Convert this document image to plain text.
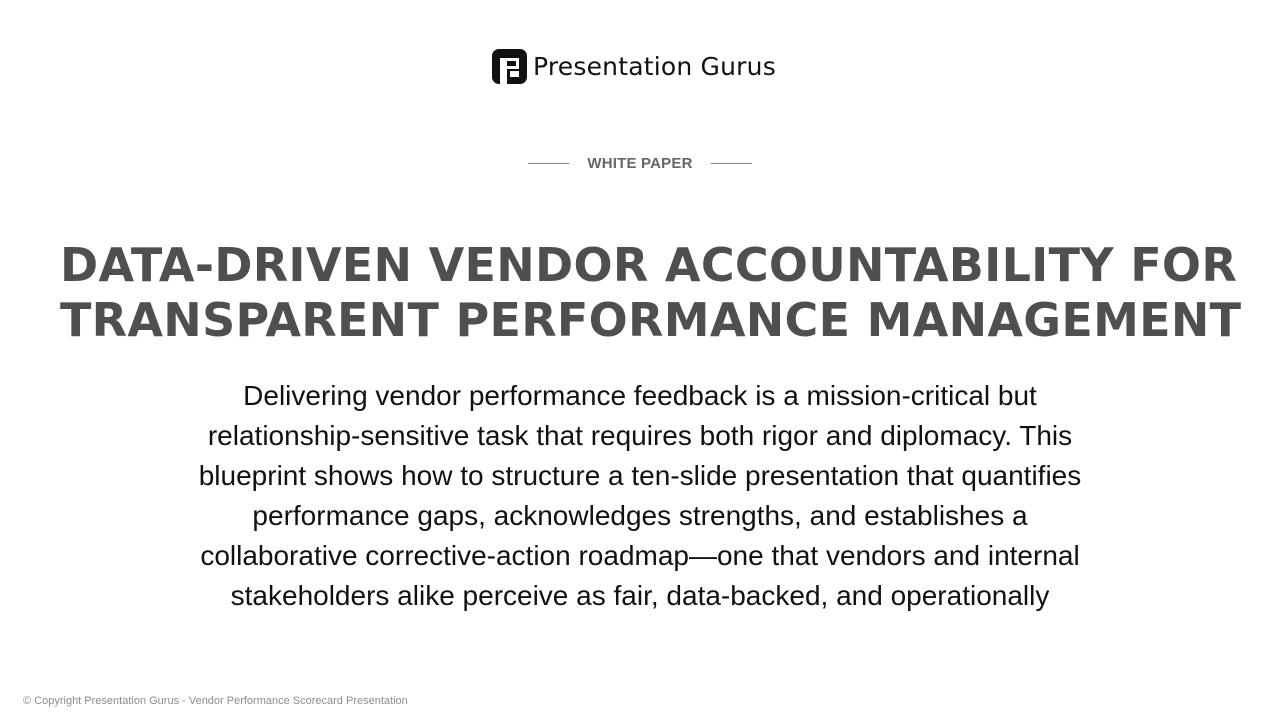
Presentation Gurus
WHITE PAPER
DATA-DRIVEN VENDOR ACCOUNTABILITY FOR
TRANSPARENT PERFORMANCE MANAGEMENT

Delivering vendor performance feedback is a mission-critical but
relationship-sensitive task that requires both rigor and diplomacy. This
blueprint shows how to structure a ten-slide presentation that quantifies
performance gaps, acknowledges strengths, and establishes a
collaborative corrective-action roadmap—one that vendors and internal
stakeholders alike perceive as fair, data-backed, and operationally

© Copyright Presentation Gurus - Vendor Performance Scorecard Presentation
